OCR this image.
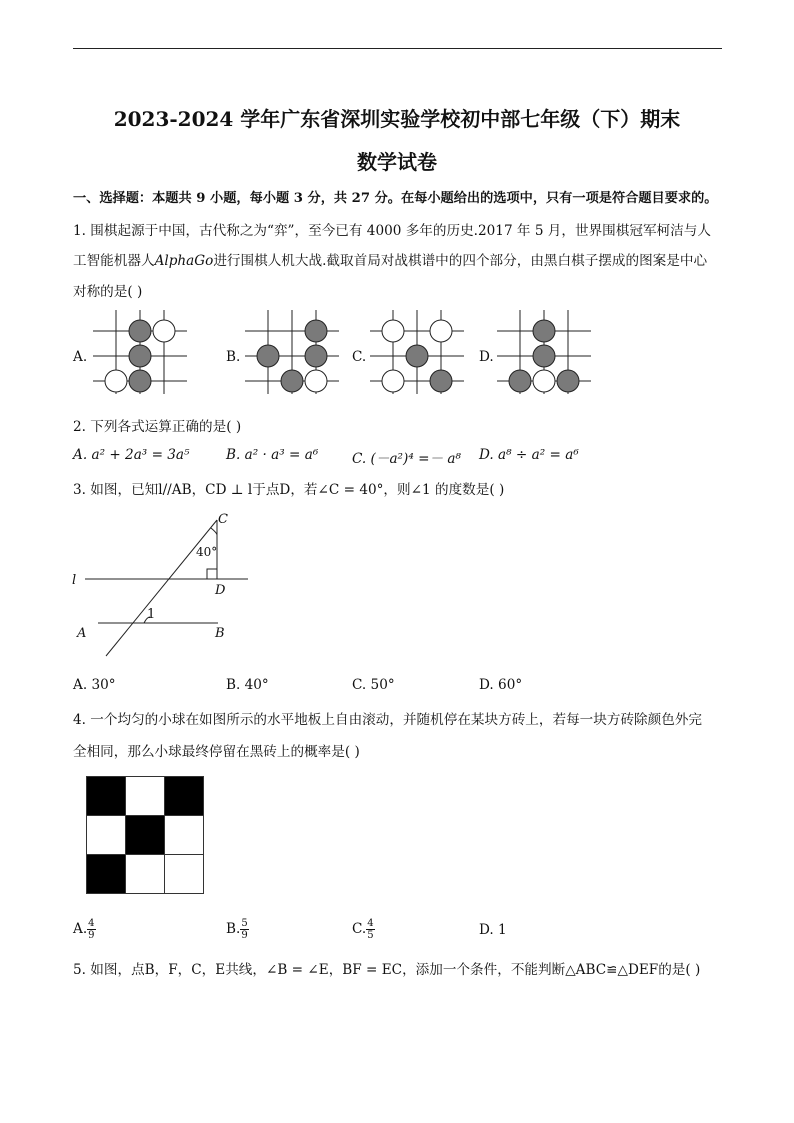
2023-2024 学年广东省深圳实验学校初中部七年级（下）期末
数学试卷
一、选择题：本题共 9 小题，每小题 3 分，共 27 分。在每小题给出的选项中，只有一项是符合题目要求的。
1. 围棋起源于中国，古代称之为“弈”，至今已有 4000 多年的历史.2017 年 5 月，世界围棋冠军柯洁与人
工智能机器人AlphaGo进行围棋人机大战.截取首局对战棋谱中的四个部分，由黑白棋子摆成的图案是中心
对称的是( )
A.	B.	C.	D.
2. 下列各式运算正确的是( )
A. a² + 2a³ = 3a⁵	B. a² · a³ = a⁶ C. (－a²)⁴ =－ a⁸ D. a⁸ ÷ a² = a⁶
3. 如图，已知l//AB，CD ⊥ l于点D，若∠C = 40°，则∠1 的度数是( )
C
40°
l
D
1
A	B
A. 30°	B. 40°	C. 50°	D. 60°
4. 一个均匀的小球在如图所示的水平地板上自由滚动，并随机停在某块方砖上，若每一块方砖除颜色外完
全相同，那么小球最终停留在黑砖上的概率是( )
A. $\frac{4}{9}$	B. $\frac{5}{9}$	C. $\frac{4}{5}$	D. 1
5. 如图，点B，F，C，E共线，∠B = ∠E，BF = EC，添加一个条件，不能判断△ABC≌△DEF的是( )
